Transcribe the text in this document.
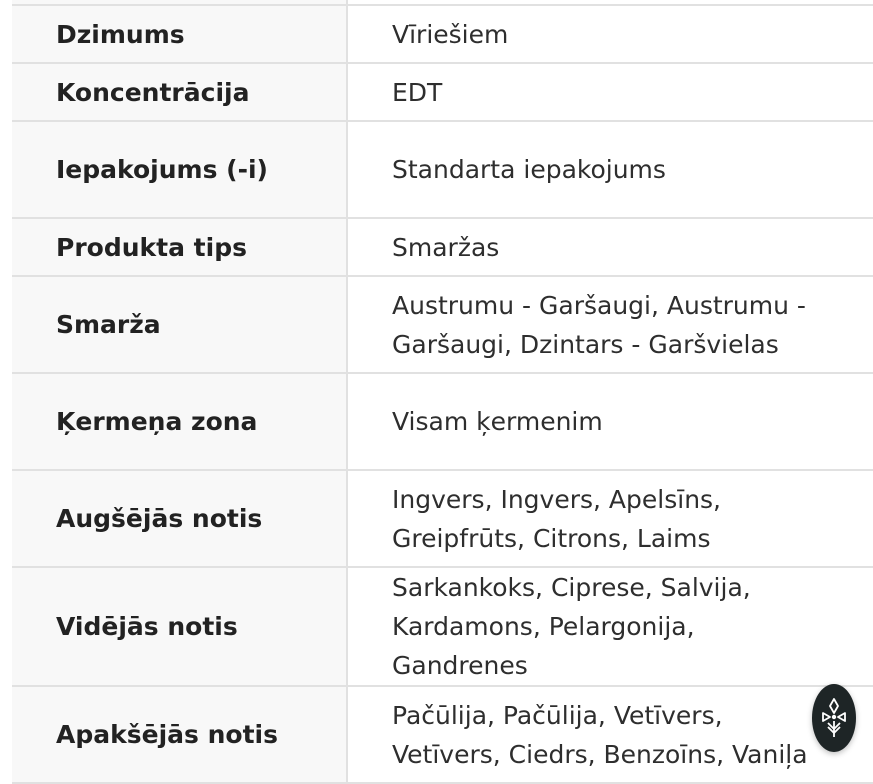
Dzimums	Vīriešiem
Koncentrācija	EDT
Iepakojums (-i)	Standarta iepakojums
Produkta tips	Smaržas
Smarža	Austrumu - Garšaugi, Austrumu - Garšaugi, Dzintars - Garšvielas
Ķermeņa zona	Visam ķermenim
Augšējās notis	Ingvers, Ingvers, Apelsīns, Greipfrūts, Citrons, Laims
Vidējās notis	Sarkankoks, Ciprese, Salvija, Kardamons, Pelargonija, Gandrenes
Apakšējās notis	Pačūlija, Pačūlija, Vetīvers, Vetīvers, Ciedrs, Benzoīns, Vaniļa
